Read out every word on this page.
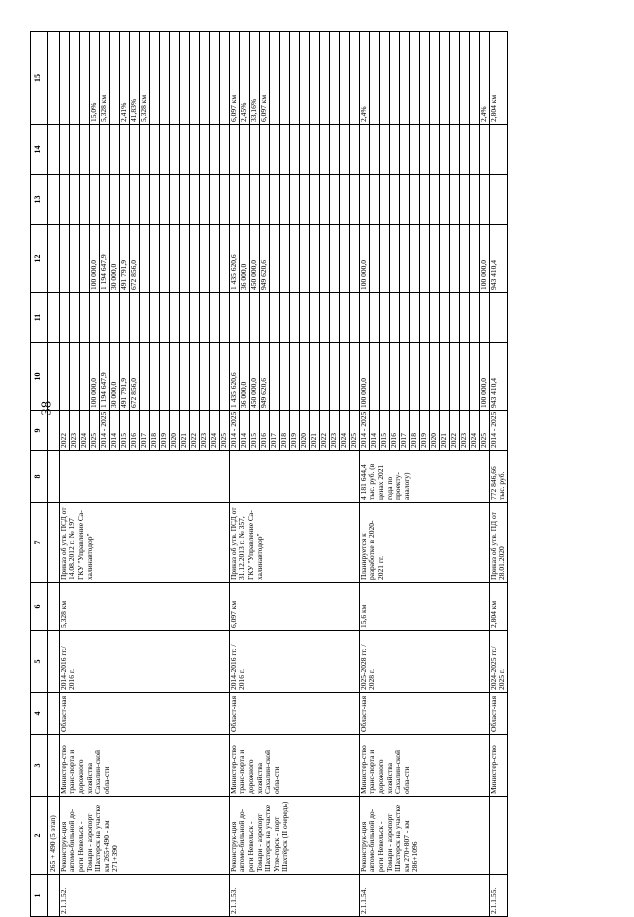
38
1	2	3	4	5	6	7	8	9	10	11	12	13	14	15
	265 + 490 (5 этап)													
2.1.1.52.	Реконструк-ция автомо-бильной до-роги Невельск - Томари - аэропорт Шахтерск на участке км 265+490 - км 271+390	Министер-ство транс-порта и дорожного хозяйства Сахалин-ской обла-сти	Област-ная	2014-2016 гг./ 2016 г.	5,328 км	Приказ об утв. ПСД от 14.08.2012 г. № 197 ГКУ "Управление Са-халинавтодор"		2022						
								2023						
								2024						
								2025	100 000,0		100 000,0			15,0%
								2014 - 2025	1 194 647,9		1 194 647,9			5,328 км
								2014	30 000,0		30 000,0			
								2015	491 791,9		491 791,9			2,41%
								2016	672 856,0		672 856,0			41,83%
								2017						5,328 км
								2018						
								2019						
								2020						
								2021						
								2022						
								2023						
								2024						
								2025						
2.1.1.53.	Реконструк-ция автомо-бильной до-роги Невельск - Томари - аэропорт Шахтерск на участке Угле-горск - порт Шахтёрск (II очередь)	Министер-ство транс-порта и дорожного хозяйства Сахалин-ской обла-сти	Област-ная	2014-2016 гг. / 2016 г.	6,097 км	Приказ об утв. ПСД от 31.12.2013 г. № 357, ГКУ "Управление Са-халинавтодор"		2014 - 2025	1 435 620,6		1 435 620,6			6,097 км
								2014	36 000,0		36 000,0			2,45%
								2015	450 000,0		450 000,0			33,16%
								2016	949 620,6		949 620,6			6,097 км
								2017						
								2018						
								2019						
								2020						
								2021						
								2022						
								2023						
								2024						
								2025						
2.1.1.54.	Реконструк-ция автомо-бильной до-роги Невельск - Томари - аэропорт Шахтерск на участке км 270+807 - км 286+1096	Министер-ство транс-порта и дорожного хозяйства Сахалин-ской обла-сти	Област-ная	2025-2028 гг. / 2028 г.	15,6 км	Планируется к разработке в 2020- 2021 гг.	4 181 644,4 тыс. руб. (в ценах 2021 года по проекту-аналогу)	2014 - 2025	100 000,0		100 000,0			2,4%
								2014						
								2015						
								2016						
								2017						
								2018						
								2019						
								2020						
								2021						
								2022						
								2023						
								2024						
								2025	100 000,0		100 000,0			2,4%
2.1.1.55.		Министер-ство	Област-ная	2024-2025 гг./ 2025 г.	2,804 км	Приказ об утв. ПД от 28.01.2020	772 846,66 тыс. руб.	2014 - 2025	943 410,4		943 410,4			2,804 км
